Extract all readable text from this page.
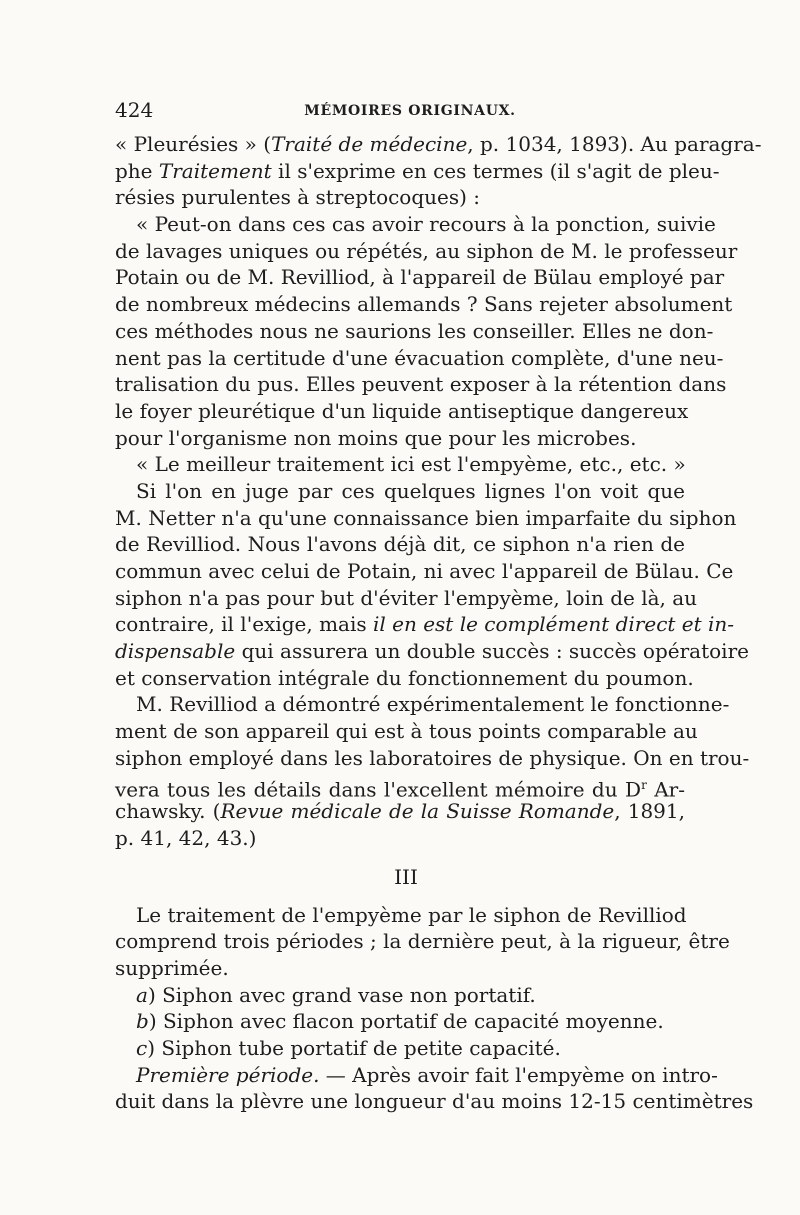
424	MÉMOIRES ORIGINAUX.
« Pleurésies » (Traité de médecine, p. 1034, 1893). Au paragra-
phe Traitement il s'exprime en ces termes (il s'agit de pleu-
résies purulentes à streptocoques) :
« Peut-on dans ces cas avoir recours à la ponction, suivie
de lavages uniques ou répétés, au siphon de M. le professeur
Potain ou de M. Revilliod, à l'appareil de Bülau employé par
de nombreux médecins allemands ? Sans rejeter absolument
ces méthodes nous ne saurions les conseiller. Elles ne don-
nent pas la certitude d'une évacuation complète, d'une neu-
tralisation du pus. Elles peuvent exposer à la rétention dans
le foyer pleurétique d'un liquide antiseptique dangereux
pour l'organisme non moins que pour les microbes.
« Le meilleur traitement ici est l'empyème, etc., etc. »
Si l'on en juge par ces quelques lignes l'on voit que
M. Netter n'a qu'une connaissance bien imparfaite du siphon
de Revilliod. Nous l'avons déjà dit, ce siphon n'a rien de
commun avec celui de Potain, ni avec l'appareil de Bülau. Ce
siphon n'a pas pour but d'éviter l'empyème, loin de là, au
contraire, il l'exige, mais il en est le complément direct et in-
dispensable qui assurera un double succès : succès opératoire
et conservation intégrale du fonctionnement du poumon.
M. Revilliod a démontré expérimentalement le fonctionne-
ment de son appareil qui est à tous points comparable au
siphon employé dans les laboratoires de physique. On en trou-
vera tous les détails dans l'excellent mémoire du $D^r$ Ar-
chawsky. (Revue médicale de la Suisse Romande, 1891,
p. 41, 42, 43.)
III
Le traitement de l'empyème par le siphon de Revilliod
comprend trois périodes ; la dernière peut, à la rigueur, être
supprimée.
a) Siphon avec grand vase non portatif.
b) Siphon avec flacon portatif de capacité moyenne.
c) Siphon tube portatif de petite capacité.
Première période. — Après avoir fait l'empyème on intro-
duit dans la plèvre une longueur d'au moins 12-15 centimètres
